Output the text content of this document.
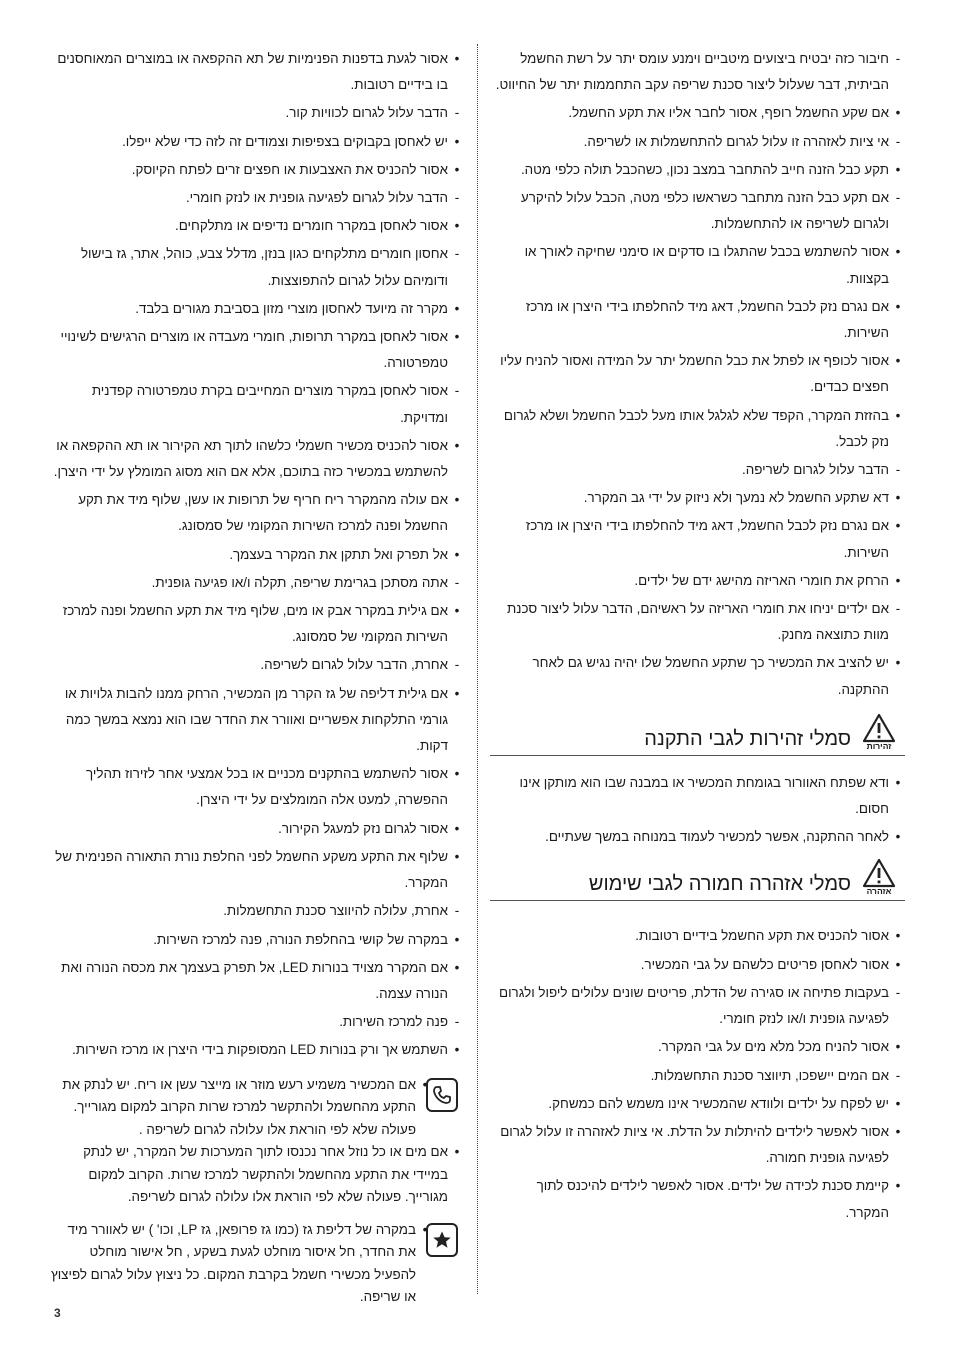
-
חיבור כזה יבטיח ביצועים מיטביים וימנע עומס יתר על רשת החשמל הביתית, דבר שעלול ליצור סכנת שריפה עקב התחממות יתר של החיווט.
•
אם שקע החשמל רופף, אסור לחבר אליו את תקע החשמל.
-
אי ציות לאזהרה זו עלול לגרום להתחשמלות או לשריפה.
•
תקע כבל הזנה חייב להתחבר במצב נכון, כשהכבל תולה כלפי מטה.
-
אם תקע כבל הזנה מתחבר כשראשו כלפי מטה, הכבל עלול להיקרע ולגרום לשריפה או להתחשמלות.
•
אסור להשתמש בכבל שהתגלו בו סדקים או סימני שחיקה לאורך או בקצוות.
•
אם נגרם נזק לכבל החשמל, דאג מיד להחלפתו בידי היצרן או מרכז השירות.
•
אסור לכופף או לפתל את כבל החשמל יתר על המידה ואסור להניח עליו חפצים כבדים.
•
בהזזת המקרר, הקפד שלא לגלגל אותו מעל לכבל החשמל ושלא לגרום נזק לכבל.
-
הדבר עלול לגרום לשריפה.
•
דא שתקע החשמל לא נמעך ולא ניזוק על ידי גב המקרר.
•
אם נגרם נזק לכבל החשמל, דאג מיד להחלפתו בידי היצרן או מרכז השירות.
•
הרחק את חומרי האריזה מהישג ידם של ילדים.
-
אם ילדים יניחו את חומרי האריזה על ראשיהם, הדבר עלול ליצור סכנת מוות כתוצאה מחנק.
•
יש להציב את המכשיר כך שתקע החשמל שלו יהיה נגיש גם לאחר ההתקנה.
זהירות
סמלי זהירות לגבי התקנה
•
ודא שפתח האוורור בגומחת המכשיר או במבנה שבו הוא מותקן אינו חסום.
•
לאחר ההתקנה, אפשר למכשיר לעמוד במנוחה במשך שעתיים.
אזהרה
סמלי אזהרה חמורה לגבי שימוש
•
אסור להכניס את תקע החשמל בידיים רטובות.
•
אסור לאחסן פריטים כלשהם על גבי המכשיר.
-
בעקבות פתיחה או סגירה של הדלת, פריטים שונים עלולים ליפול ולגרום לפגיעה גופנית ו/או לנזק חומרי.
•
אסור להניח מכל מלא מים על גבי המקרר.
-
אם המים יישפכו, תיווצר סכנת התחשמלות.
•
יש לפקח על ילדים ולוודא שהמכשיר אינו משמש להם כמשחק.
•
אסור לאפשר לילדים להיתלות על הדלת. אי ציות לאזהרה זו עלול לגרום לפגיעה גופנית חמורה.
•
קיימת סכנת לכידה של ילדים. אסור לאפשר לילדים להיכנס לתוך המקרר.
•
אסור לגעת בדפנות הפנימיות של תא ההקפאה או במוצרים המאוחסנים בו בידיים רטובות.
-
הדבר עלול לגרום לכוויות קור.
•
יש לאחסן בקבוקים בצפיפות וצמודים זה לזה כדי שלא ייפלו.
•
אסור להכניס את האצבעות או חפצים זרים לפתח הקיוסק.
-
הדבר עלול לגרום לפגיעה גופנית או לנזק חומרי.
•
אסור לאחסן במקרר חומרים נדיפים או מתלקחים.
-
אחסון חומרים מתלקחים כגון בנזן, מדלל צבע, כוהל, אתר, גז בישול ודומיהם עלול לגרום להתפוצצות.
•
מקרר זה מיועד לאחסון מוצרי מזון בסביבת מגורים בלבד.
•
אסור לאחסן במקרר תרופות, חומרי מעבדה או מוצרים הרגישים לשינויי טמפרטורה.
-
אסור לאחסן במקרר מוצרים המחייבים בקרת טמפרטורה קפדנית ומדויקת.
•
אסור להכניס מכשיר חשמלי כלשהו לתוך תא הקירור או תא ההקפאה או להשתמש במכשיר כזה בתוכם, אלא אם הוא מסוג המומלץ על ידי היצרן.
•
אם עולה מהמקרר ריח חריף של תרופות או עשן, שלוף מיד את תקע החשמל ופנה למרכז השירות המקומי של סמסונג.
•
אל תפרק ואל תתקן את המקרר בעצמך.
-
אתה מסתכן בגרימת שריפה, תקלה ו/או פגיעה גופנית.
•
אם גילית במקרר אבק או מים, שלוף מיד את תקע החשמל ופנה למרכז השירות המקומי של סמסונג.
-
אחרת, הדבר עלול לגרום לשריפה.
•
אם גילית דליפה של גז הקרר מן המכשיר, הרחק ממנו להבות גלויות או גורמי התלקחות אפשריים ואוורר את החדר שבו הוא נמצא במשך כמה דקות.
•
אסור להשתמש בהתקנים מכניים או בכל אמצעי אחר לזירוז תהליך ההפשרה, למעט אלה המומלצים על ידי היצרן.
•
אסור לגרום נזק למעגל הקירור.
•
שלוף את התקע משקע החשמל לפני החלפת נורת התאורה הפנימית של המקרר.
-
אחרת, עלולה להיווצר סכנת התחשמלות.
•
במקרה של קושי בהחלפת הנורה, פנה למרכז השירות.
•
אם המקרר מצויד בנורות LED, אל תפרק בעצמך את מכסה הנורה ואת הנורה עצמה.
-
פנה למרכז השירות.
•
השתמש אך ורק בנורות LED המסופקות בידי היצרן או מרכז השירות.
•
אם המכשיר משמיע רעש מוזר או מייצר עשן או ריח. יש לנתק את התקע מהחשמל ולהתקשר למרכז שרות הקרוב למקום מגורייך. פעולה שלא לפי הוראת אלו עלולה לגרום לשריפה .
•
אם מים או כל נוזל אחר נכנסו לתוך המערכות של המקרר, יש לנתק במיידי את התקע מהחשמל ולהתקשר למרכז שרות. הקרוב למקום מגורייך. פעולה שלא לפי הוראת אלו עלולה לגרום לשריפה.
•
במקרה של דליפת גז (כמו גז פרופאן, גז LP, וכו' ) יש לאוורר מיד את החדר, חל איסור מוחלט לגעת בשקע , חל אישור מוחלט להפעיל מכשירי חשמל בקרבת המקום. כל ניצוץ עלול לגרום לפיצוץ או שריפה.
3
